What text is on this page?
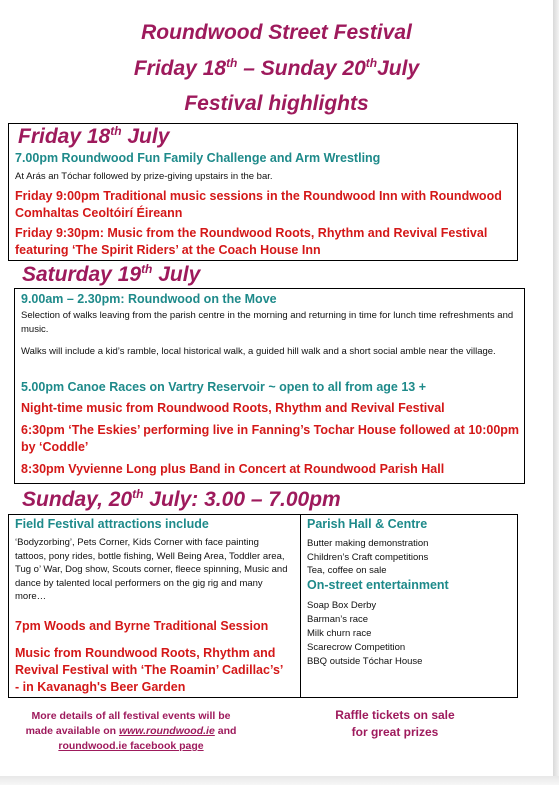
Roundwood Street Festival
Friday 18th – Sunday 20thJuly
Festival highlights
Friday 18th July
7.00pm Roundwood Fun Family Challenge and Arm Wrestling
At Arás an Tóchar followed by prize-giving upstairs in the bar.
Friday 9:00pm Traditional music sessions in the Roundwood Inn with Roundwood Comhaltas Ceoltóirí Éireann
Friday 9:30pm: Music from the Roundwood Roots, Rhythm and Revival Festival featuring ‘The Spirit Riders’ at the Coach House Inn
Saturday 19th July
9.00am – 2.30pm: Roundwood on the Move
Selection of walks leaving from the parish centre in the morning and returning in time for lunch time refreshments and music.
Walks will include a kid’s ramble, local historical walk, a guided hill walk and a short social amble near the village.
5.00pm Canoe Races on Vartry Reservoir ~ open to all from age 13 +
Night-time music from Roundwood Roots, Rhythm and Revival Festival
6:30pm ‘The Eskies’ performing live in Fanning’s Tochar House followed at 10:00pm by ‘Coddle’
8:30pm Vyvienne Long plus Band in Concert at Roundwood Parish Hall
Sunday, 20th July: 3.00 – 7.00pm
Field Festival attractions include
‘Bodyzorbing’, Pets Corner, Kids Corner with face painting tattoos, pony rides, bottle fishing, Well Being Area, Toddler area, Tug o’ War, Dog show, Scouts corner, fleece spinning, Music and dance by talented local performers on the gig rig and many more…
7pm Woods and Byrne Traditional Session
Music from Roundwood Roots, Rhythm and Revival Festival with ‘The Roamin’ Cadillac’s’ - in Kavanagh's Beer Garden
Parish Hall & Centre
Butter making demonstration
Children’s Craft competitions
Tea, coffee on sale
On-street entertainment
Soap Box Derby
Barman’s race
Milk churn race
Scarecrow Competition
BBQ outside Tóchar House
More details of all festival events will be
made available on www.roundwood.ie and
roundwood.ie facebook page
Raffle tickets on sale
for great prizes
